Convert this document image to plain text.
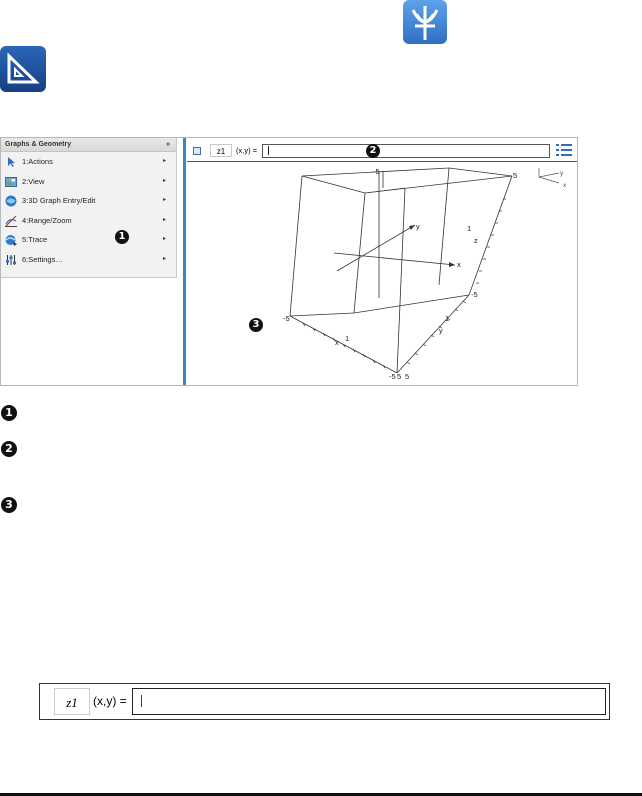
Graphs & Geometry	»
1:Actions	▸
2:View	▸
3:3D Graph Entry/Edit	▸
4:Range/Zoom	▸
5:Trace	▸
6:Settings…	▸
z1	(x,y) =
x
y
z
5
1
-5
-5
5
5
-5
1
1
-5
x
y
y
x
1
2
3
1
2
3
z1	(x,y) =
